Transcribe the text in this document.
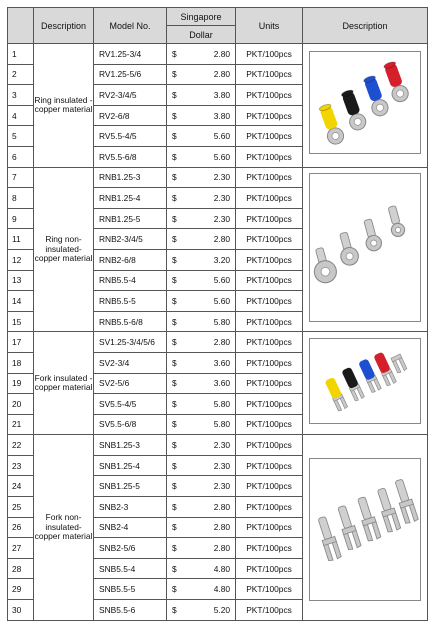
	Description	Model No.	Singapore		Units	Description
			Dollar			
1	Ring insulated - copper material	RV1.25-3/4	$	2.80	PKT/100pcs	

2		RV1.25-5/6	$	2.80	PKT/100pcs	
3		RV2-3/4/5	$	3.80	PKT/100pcs	
4		RV2-6/8	$	3.80	PKT/100pcs	
5		RV5.5-4/5	$	5.60	PKT/100pcs	
6		RV5.5-6/8	$	5.60	PKT/100pcs	
7	Ring non-insulated-copper material	RNB1.25-3	$	2.30	PKT/100pcs	

8		RNB1.25-4	$	2.30	PKT/100pcs	
9		RNB1.25-5	$	2.30	PKT/100pcs	
11		RNB2-3/4/5	$	2.80	PKT/100pcs	
12		RNB2-6/8	$	3.20	PKT/100pcs	
13		RNB5.5-4	$	5.60	PKT/100pcs	
14		RNB5.5-5	$	5.60	PKT/100pcs	
15		RNB5.5-6/8	$	5.80	PKT/100pcs	
17	Fork insulated - copper material	SV1.25-3/4/5/6	$	2.80	PKT/100pcs	

18		SV2-3/4	$	3.60	PKT/100pcs	
19		SV2-5/6	$	3.60	PKT/100pcs	
20		SV5.5-4/5	$	5.80	PKT/100pcs	
21		SV5.5-6/8	$	5.80	PKT/100pcs	
22	Fork non-insulated-copper material	SNB1.25-3	$	2.30	PKT/100pcs	

23		SNB1.25-4	$	2.30	PKT/100pcs	
24		SNB1.25-5	$	2.30	PKT/100pcs	
25		SNB2-3	$	2.80	PKT/100pcs	
26		SNB2-4	$	2.80	PKT/100pcs	
27		SNB2-5/6	$	2.80	PKT/100pcs	
28		SNB5.5-4	$	4.80	PKT/100pcs	
29		SNB5.5-5	$	4.80	PKT/100pcs	
30		SNB5.5-6	$	5.20	PKT/100pcs	
